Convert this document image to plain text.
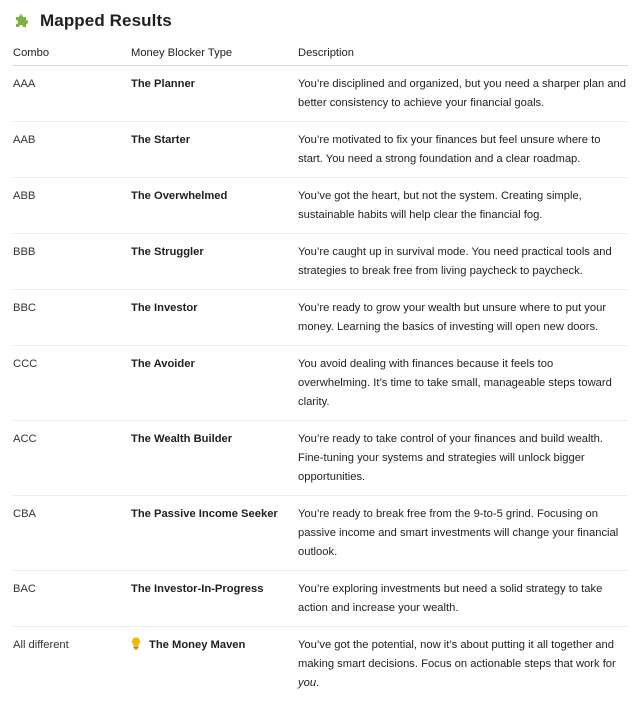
Mapped Results
Combo	Money Blocker Type	Description

AAA	The Planner	You’re disciplined and organized, but you need a sharper plan and better consistency to achieve your financial goals.

AAB	The Starter	You’re motivated to fix your finances but feel unsure where to start. You need a strong foundation and a clear roadmap.

ABB	The Overwhelmed	You’ve got the heart, but not the system. Creating simple, sustainable habits will help clear the financial fog.

BBB	The Struggler	You’re caught up in survival mode. You need practical tools and strategies to break free from living paycheck to paycheck.

BBC	The Investor	You’re ready to grow your wealth but unsure where to put your money. Learning the basics of investing will open new doors.

CCC	The Avoider	You avoid dealing with finances because it feels too overwhelming. It’s time to take small, manageable steps toward clarity.

ACC	The Wealth Builder	You’re ready to take control of your finances and build wealth. Fine-tuning your systems and strategies will unlock bigger opportunities.

CBA	The Passive Income Seeker	You’re ready to break free from the 9-to-5 grind. Focusing on passive income and smart investments will change your financial outlook.

BAC	The Investor-In-Progress	You’re exploring investments but need a solid strategy to take action and increase your wealth.

All different	The Money Maven	You’ve got the potential, now it’s about putting it all together and making smart decisions. Focus on actionable steps that work for you.
